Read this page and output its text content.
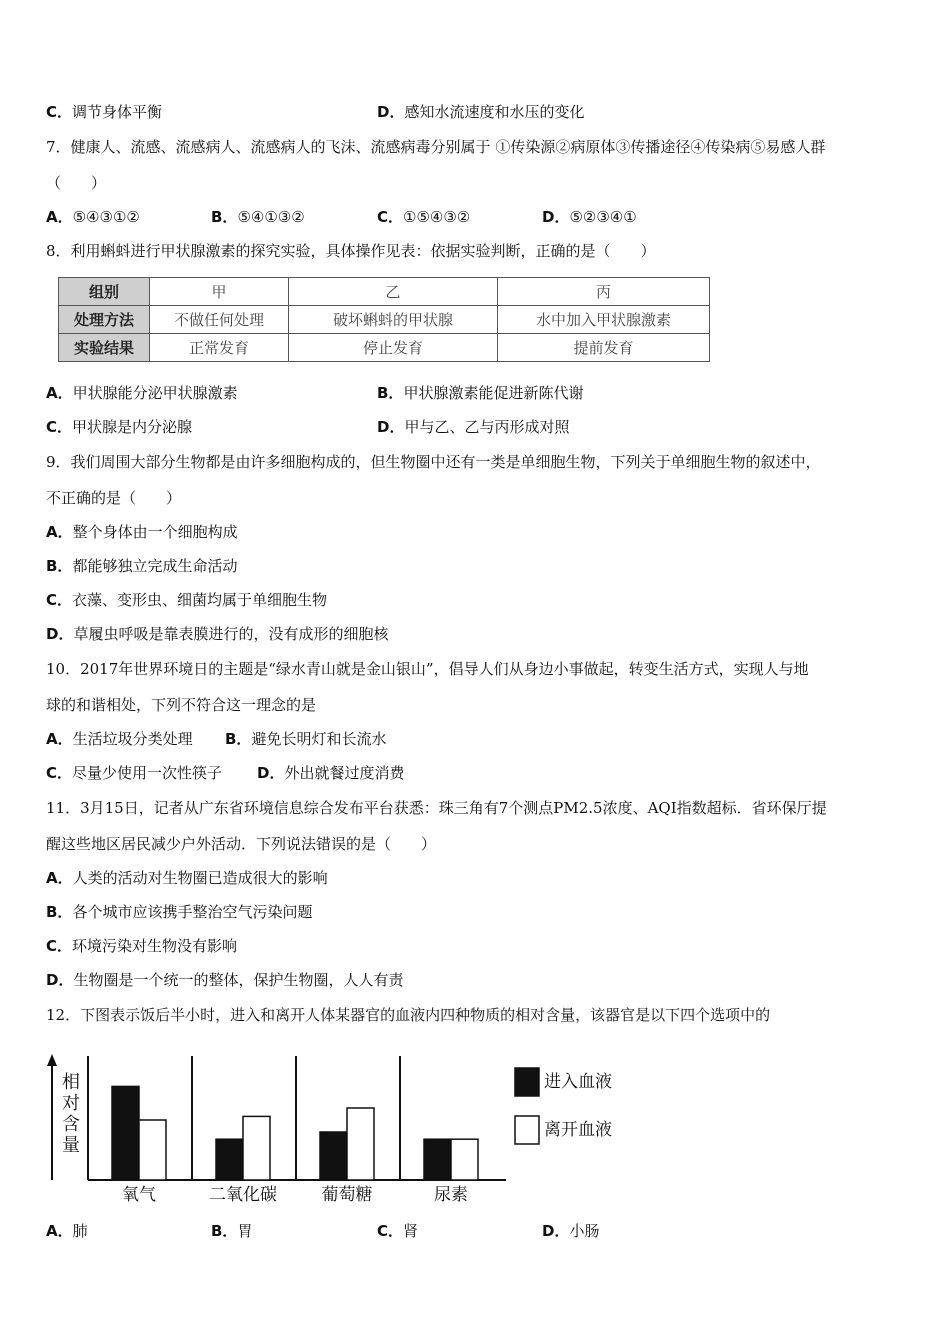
C．调节身体平衡	D．感知水流速度和水压的变化
7．健康人、流感、流感病人、流感病人的飞沫、流感病毒分别属于 ①传染源②病原体③传播途径④传染病⑤易感人群
（　　）
A．⑤④③①②	B．⑤④①③②	C．①⑤④③②	D．⑤②③④①
8．利用蝌蚪进行甲状腺激素的探究实验，具体操作见表：依据实验判断，正确的是（　　）
组别	甲	乙	丙
处理方法	不做任何处理	破坏蝌蚪的甲状腺	水中加入甲状腺激素
实验结果	正常发育	停止发育	提前发育
A．甲状腺能分泌甲状腺激素	B．甲状腺激素能促进新陈代谢
C．甲状腺是内分泌腺	D．甲与乙、乙与丙形成对照
9．我们周围大部分生物都是由许多细胞构成的，但生物圈中还有一类是单细胞生物，下列关于单细胞生物的叙述中，
不正确的是（　　）
A．整个身体由一个细胞构成
B．都能够独立完成生命活动
C．衣藻、变形虫、细菌均属于单细胞生物
D．草履虫呼吸是靠表膜进行的，没有成形的细胞核
10．2017年世界环境日的主题是“绿水青山就是金山银山”，倡导人们从身边小事做起，转变生活方式，实现人与地
球的和谐相处，下列不符合这一理念的是
A．生活垃圾分类处理 B．避免长明灯和长流水
C．尽量少使用一次性筷子 D．外出就餐过度消费
11．3月15日，记者从广东省环境信息综合发布平台获悉：珠三角有7个测点PM2.5浓度、AQI指数超标．省环保厅提
醒这些地区居民减少户外活动．下列说法错误的是（　　）
A．人类的活动对生物圈已造成很大的影响
B．各个城市应该携手整治空气污染问题
C．环境污染对生物没有影响
D．生物圈是一个统一的整体，保护生物圈，人人有责
12．下图表示饭后半小时，进入和离开人体某器官的血液内四种物质的相对含量，该器官是以下四个选项中的
相对含量
氧气	二氧化碳	葡萄糖	尿素
进入血液
离开血液
A．肺	B．胃	C．肾	D．小肠
